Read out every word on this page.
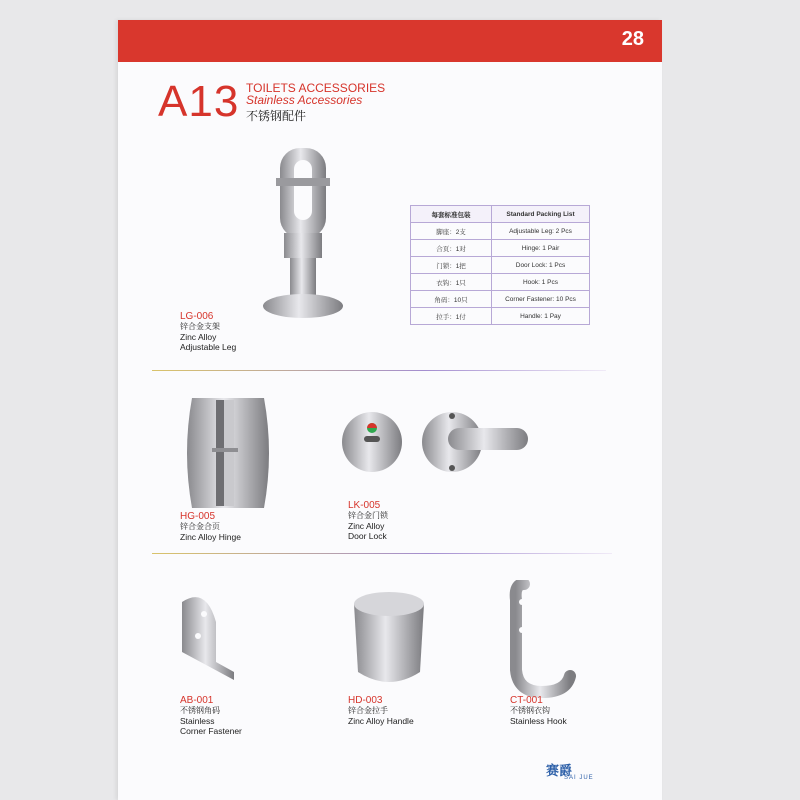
28
A13 TOILETS ACCESSORIES
Stainless Accessories
不锈钢配件
每套标准包装	Standard Packing List
脚座：2支	Adjustable Leg: 2 Pcs
合页：1对	Hinge: 1 Pair
门锁：1把	Door Lock: 1 Pcs
衣钩：1只	Hook: 1 Pcs
角码：10只	Corner Fastener: 10 Pcs
拉手：1付	Handle: 1 Pay
LG-006
锌合金支架
Zinc Alloy
Adjustable Leg
HG-005
锌合金合页
Zinc Alloy Hinge
LK-005
锌合金门锁
Zinc Alloy
Door Lock
AB-001
不锈钢角码
Stainless
Corner Fastener
HD-003
锌合金拉手
Zinc Alloy Handle
CT-001
不锈钢衣钩
Stainless Hook
赛爵
SAI JUE
